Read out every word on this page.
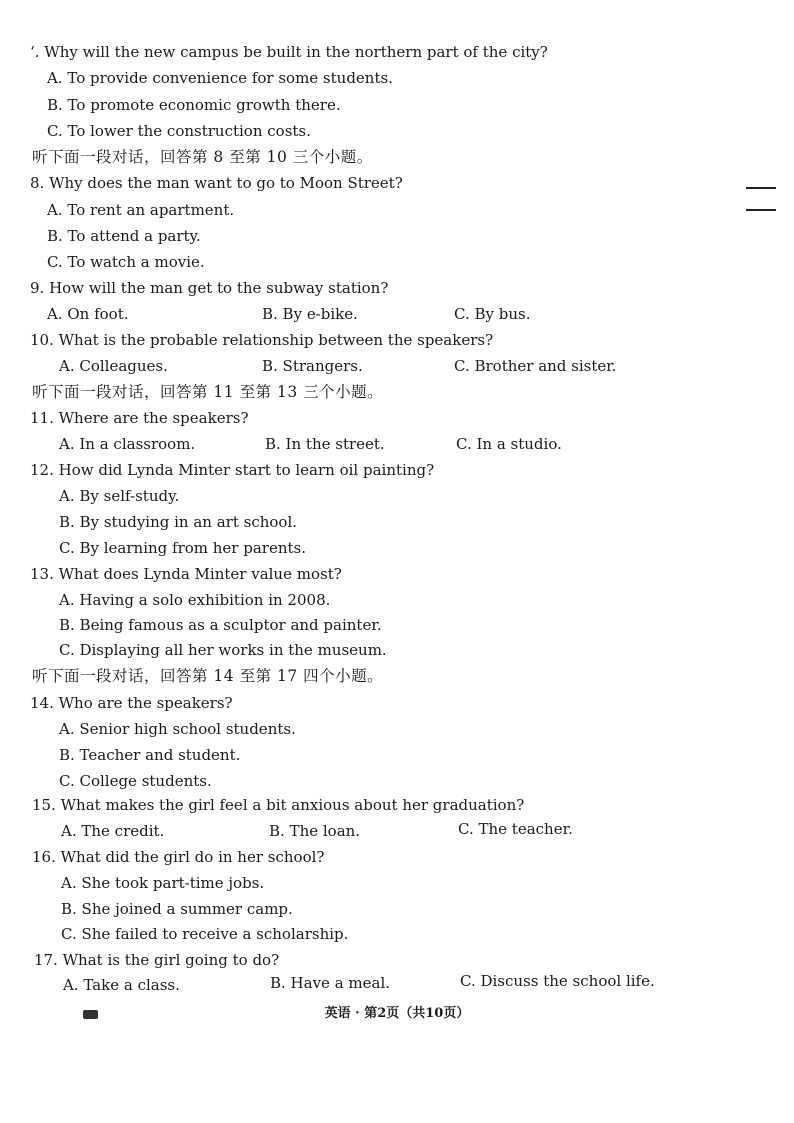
ʻ. Why will the new campus be built in the northern part of the city?
A. To provide convenience for some students.
B. To promote economic growth there.
C. To lower the construction costs.
听下面一段对话，回答第 8 至第 10 三个小题。
8. Why does the man want to go to Moon Street?
A. To rent an apartment.
B. To attend a party.
C. To watch a movie.
9. How will the man get to the subway station?
A. On foot.	B. By e-bike.	C. By bus.
10. What is the probable relationship between the speakers?
A. Colleagues.	B. Strangers.	C. Brother and sister.
听下面一段对话，回答第 11 至第 13 三个小题。
11. Where are the speakers?
A. In a classroom.	B. In the street.	C. In a studio.
12. How did Lynda Minter start to learn oil painting?
A. By self-study.
B. By studying in an art school.
C. By learning from her parents.
13. What does Lynda Minter value most?
A. Having a solo exhibition in 2008.
B. Being famous as a sculptor and painter.
C. Displaying all her works in the museum.
听下面一段对话，回答第 14 至第 17 四个小题。
14. Who are the speakers?
A. Senior high school students.
B. Teacher and student.
C. College students.
15. What makes the girl feel a bit anxious about her graduation?
A. The credit.	B. The loan.	C. The teacher.
16. What did the girl do in her school?
A. She took part-time jobs.
B. She joined a summer camp.
C. She failed to receive a scholarship.
17. What is the girl going to do?
A. Take a class.	B. Have a meal.	C. Discuss the school life.
英语 · 第2页（共10页）
